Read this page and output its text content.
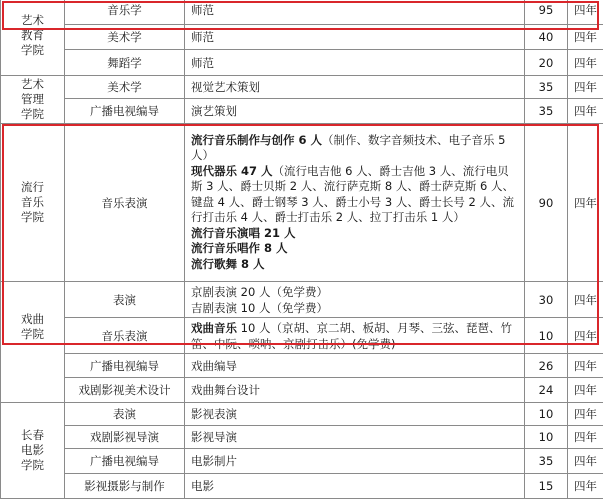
艺术
教育
学院	音乐学	师范	95	四年
	美术学	师范	40	四年
	舞蹈学	师范	20	四年
艺术
管理
学院	美术学	视觉艺术策划	35	四年
	广播电视编导	演艺策划	35	四年
流行
音乐
学院	音乐表演	流行音乐制作与创作 6 人（制作、数字音频技术、电子音乐 5 人）
现代器乐 47 人（流行电吉他 6 人、爵士吉他 3 人、流行电贝斯 3 人、爵士贝斯 2 人、流行萨克斯 8 人、爵士萨克斯 6 人、键盘 4 人、爵士钢琴 3 人、爵士小号 3 人、爵士长号 2 人、流行打击乐 4 人、爵士打击乐 2 人、拉丁打击乐 1 人）
流行音乐演唱 21 人
流行音乐唱作 8 人
流行歌舞 8 人	90	四年
戏曲
学院	表演	京剧表演 20 人（免学费）
吉剧表演 10 人（免学费）	30	四年
	音乐表演	戏曲音乐 10 人（京胡、京二胡、板胡、月琴、三弦、琵琶、竹笛、中阮、唢呐、京剧打击乐）(免学费)	10	四年
	广播电视编导	戏曲编导	26	四年
	戏剧影视美术设计	戏曲舞台设计	24	四年
长春
电影
学院	表演	影视表演	10	四年
	戏剧影视导演	影视导演	10	四年
	广播电视编导	电影制片	35	四年
	影视摄影与制作	电影	15	四年
